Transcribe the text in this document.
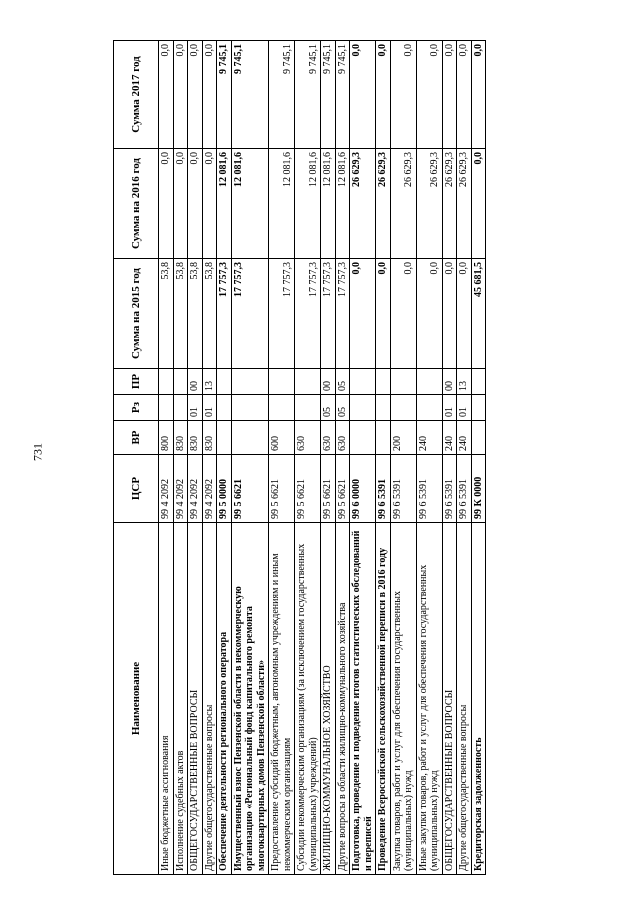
731
Наименование	ЦСР	ВР	Рз	ПР	Сумма на 2015 год	Сумма на 2016 год	Сумма 2017 год
Иные бюджетные ассигнования	99 4 2092	800			53,8	0,0	0,0
Исполнение судебных актов	99 4 2092	830			53,8	0,0	0,0
ОБЩЕГОСУДАРСТВЕННЫЕ ВОПРОСЫ	99 4 2092	830	01	00	53,8	0,0	0,0
Другие общегосударственные вопросы	99 4 2092	830	01	13	53,8	0,0	0,0
Обеспечение деятельности регионального оператора	99 5 0000				17 757,3	12 081,6	9 745,1
Имущественный взнос Пензенской области в некоммерческую организацию «Региональный фонд капитального ремонта многоквартирных домов Пензенской области»	99 5 6621				17 757,3	12 081,6	9 745,1
Предоставление субсидий бюджетным, автономным учреждениям и иным некоммерческим организациям	99 5 6621	600			17 757,3	12 081,6	9 745,1
Субсидии некоммерческим организациям (за исключением государственных (муниципальных) учреждений)	99 5 6621	630			17 757,3	12 081,6	9 745,1
ЖИЛИЩНО-КОММУНАЛЬНОЕ ХОЗЯЙСТВО	99 5 6621	630	05	00	17 757,3	12 081,6	9 745,1
Другие вопросы в области жилищно-коммунального хозяйства	99 5 6621	630	05	05	17 757,3	12 081,6	9 745,1
Подготовка, проведение и подведение итогов статистических обследований и переписей	99 6 0000				0,0	26 629,3	0,0
Проведение Всероссийской сельскохозяйственной переписи в 2016 году	99 6 5391				0,0	26 629,3	0,0
Закупка товаров, работ и услуг для обеспечения государственных (муниципальных) нужд	99 6 5391	200			0,0	26 629,3	0,0
Иные закупки товаров, работ и услуг для обеспечения государственных (муниципальных) нужд	99 6 5391	240			0,0	26 629,3	0,0
ОБЩЕГОСУДАРСТВЕННЫЕ ВОПРОСЫ	99 6 5391	240	01	00	0,0	26 629,3	0,0
Другие общегосударственные вопросы	99 6 5391	240	01	13	0,0	26 629,3	0,0
Кредиторская задолженность	99 К 0000				45 681,5	0,0	0,0
